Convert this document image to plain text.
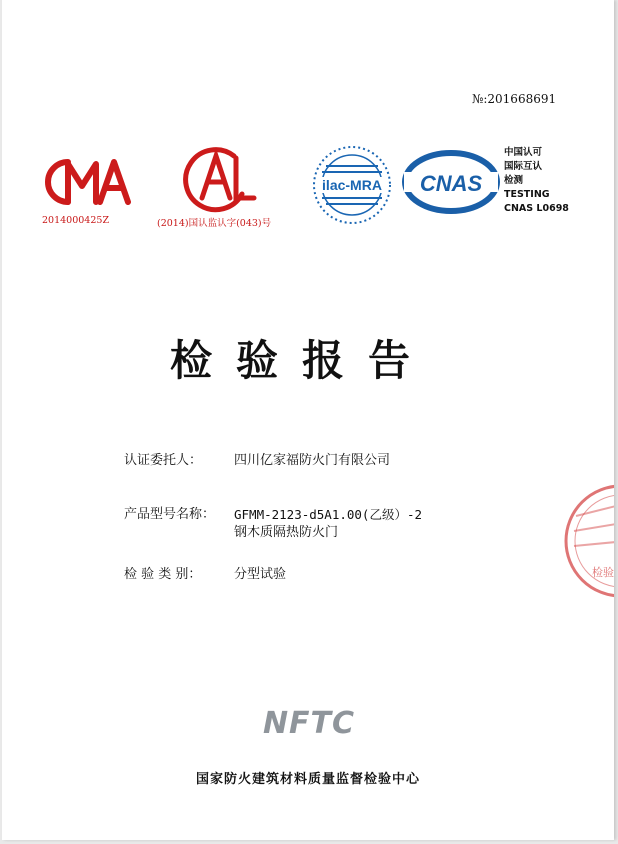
№:201668691
2014000425Z	(2014)国认监认字(043)号
ilac-MRA CNAS
中国认可
国际互认
检测
TESTING
CNAS L0698
检验报告
认证委托人： 四川亿家福防火门有限公司
产品型号名称： GFMM-2123-d5A1.00(乙级）-2
钢木质隔热防火门
检 验 类 别：	分型试验	检验
NFTC
国家防火建筑材料质量监督检验中心
